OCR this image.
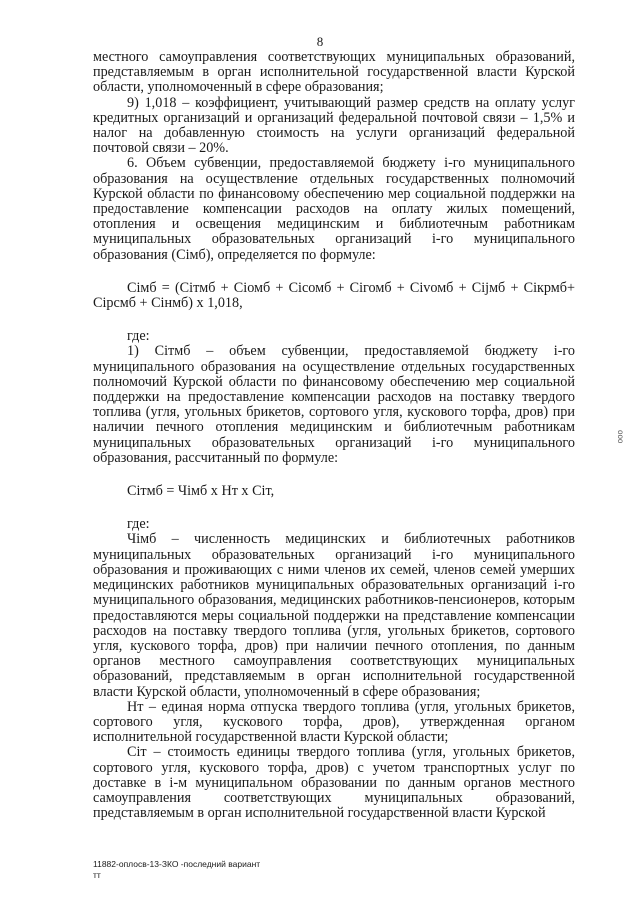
8

местного самоуправления соответствующих муниципальных образований, представляемым в орган исполнительной государственной власти Курской области, уполномоченный в сфере образования;

9) 1,018 – коэффициент, учитывающий размер средств на оплату услуг кредитных организаций и организаций федеральной почтовой связи – 1,5% и налог на добавленную стоимость на услуги организаций федеральной почтовой связи – 20%.

6. Объем субвенции, предоставляемой бюджету i-го муниципального образования на осуществление отдельных государственных полномочий Курской области по финансовому обеспечению мер социальной поддержки на предоставление компенсации расходов на оплату жилых помещений, отопления и освещения медицинским и библиотечным работникам муниципальных образовательных организаций i-го муниципального образования (Сiмб), определяется по формуле:

Сiмб = (Сiтмб + Сiомб + Сiсомб + Сiгомб + Сivомб + Сijмб + Сiкрмб+ Сiрсмб + Сiнмб) х 1,018,

где:

1) Сiтмб – объем субвенции, предоставляемой бюджету i-го муниципального образования на осуществление отдельных государственных полномочий Курской области по финансовому обеспечению мер социальной поддержки на предоставление компенсации расходов на поставку твердого топлива (угля, угольных брикетов, сортового угля, кускового торфа, дров) при наличии печного отопления медицинским и библиотечным работникам муниципальных образовательных организаций i-го муниципального образования, рассчитанный по формуле:

Сiтмб = Чiмб х Нт х Сiт,

где:

Чiмб – численность медицинских и библиотечных работников муниципальных образовательных организаций i-го муниципального образования и проживающих с ними членов их семей, членов семей умерших медицинских работников муниципальных образовательных организаций i-го муниципального образования, медицинских работников-пенсионеров, которым предоставляются меры социальной поддержки на представление компенсации расходов на поставку твердого топлива (угля, угольных брикетов, сортового угля, кускового торфа, дров) при наличии печного отопления, по данным органов местного самоуправления соответствующих муниципальных образований, представляемым в орган исполнительной государственной власти Курской области, уполномоченный в сфере образования;

Нт – единая норма отпуска твердого топлива (угля, угольных брикетов, сортового угля, кускового торфа, дров), утвержденная органом исполнительной государственной власти Курской области;

Сiт – стоимость единицы твердого топлива (угля, угольных брикетов, сортового угля, кускового торфа, дров) с учетом транспортных услуг по доставке в i-м муниципальном образовании по данным органов местного самоуправления соответствующих муниципальных образований, представляемым в орган исполнительной государственной власти Курской

11882-оплосв-13-ЗКО -последний вариант
тт
ооо
